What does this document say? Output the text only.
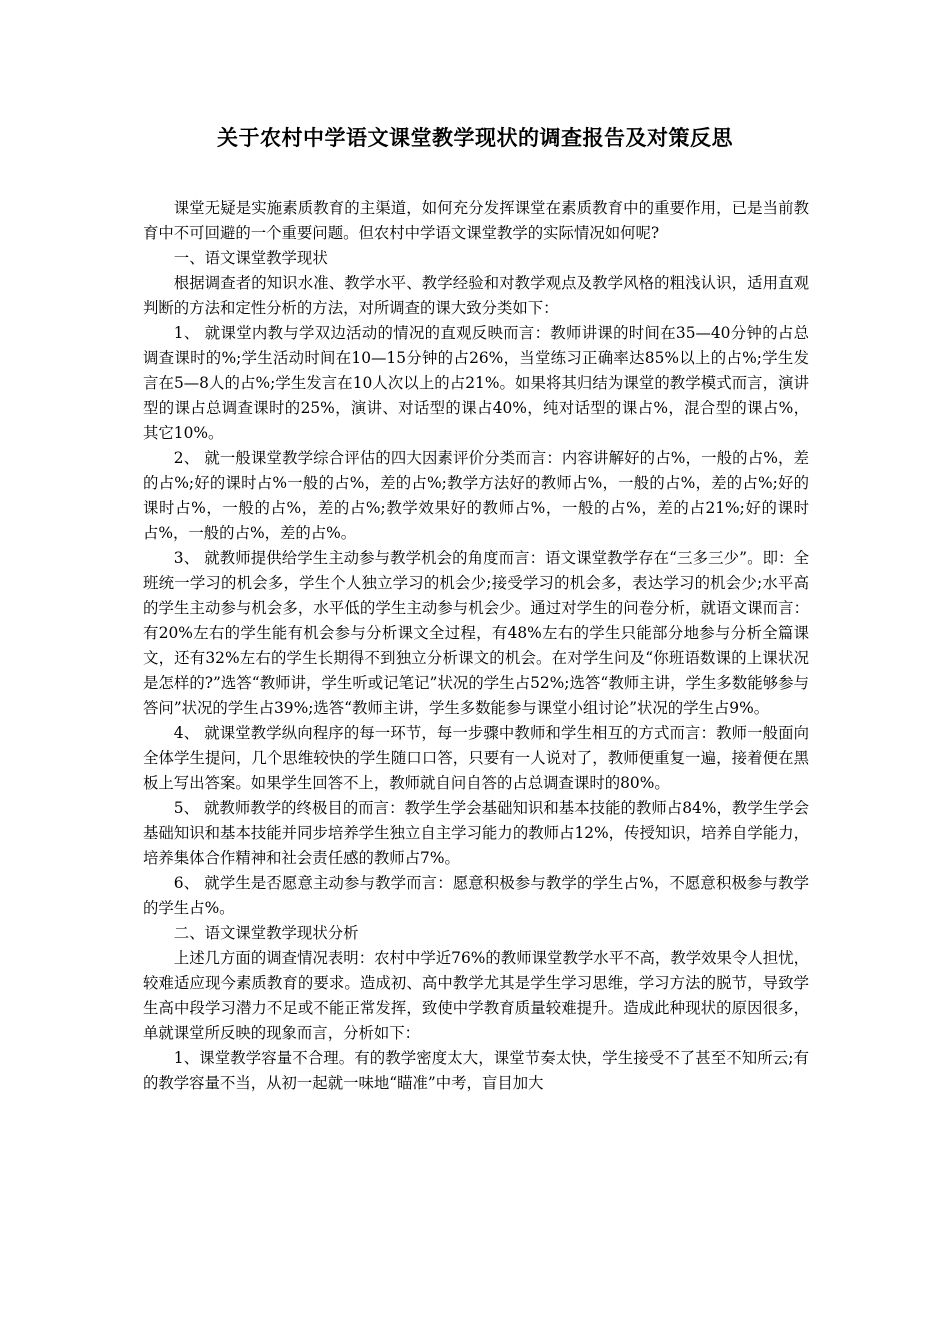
关于农村中学语文课堂教学现状的调查报告及对策反思

课堂无疑是实施素质教育的主渠道，如何充分发挥课堂在素质教育中的重要作用，已是当前教育中不可回避的一个重要问题。但农村中学语文课堂教学的实际情况如何呢?

一、语文课堂教学现状

根据调查者的知识水准、教学水平、教学经验和对教学观点及教学风格的粗浅认识，适用直观判断的方法和定性分析的方法，对所调查的课大致分类如下：

1、 就课堂内教与学双边活动的情况的直观反映而言：教师讲课的时间在35—40分钟的占总调查课时的%;学生活动时间在10—15分钟的占26%，当堂练习正确率达85%以上的占%;学生发言在5—8人的占%;学生发言在10人次以上的占21%。如果将其归结为课堂的教学模式而言，演讲型的课占总调查课时的25%，演讲、对话型的课占40%，纯对话型的课占%，混合型的课占%，其它10%。

2、 就一般课堂教学综合评估的四大因素评价分类而言：内容讲解好的占%，一般的占%，差的占%;好的课时占%一般的占%，差的占%;教学方法好的教师占%，一般的占%，差的占%;好的课时占%，一般的占%，差的占%;教学效果好的教师占%，一般的占%，差的占21%;好的课时占%，一般的占%，差的占%。

3、 就教师提供给学生主动参与教学机会的角度而言：语文课堂教学存在“三多三少”。即：全班统一学习的机会多，学生个人独立学习的机会少;接受学习的机会多，表达学习的机会少;水平高的学生主动参与机会多，水平低的学生主动参与机会少。通过对学生的问卷分析，就语文课而言：有20%左右的学生能有机会参与分析课文全过程，有48%左右的学生只能部分地参与分析全篇课文，还有32%左右的学生长期得不到独立分析课文的机会。在对学生问及“你班语数课的上课状况是怎样的?”选答“教师讲，学生听或记笔记”状况的学生占52%;选答“教师主讲，学生多数能够参与答问”状况的学生占39%;选答“教师主讲，学生多数能参与课堂小组讨论”状况的学生占9%。

4、 就课堂教学纵向程序的每一环节，每一步骤中教师和学生相互的方式而言：教师一般面向全体学生提问，几个思维较快的学生随口口答，只要有一人说对了，教师便重复一遍，接着便在黑板上写出答案。如果学生回答不上，教师就自问自答的占总调查课时的80%。

5、 就教师教学的终极目的而言：教学生学会基础知识和基本技能的教师占84%，教学生学会基础知识和基本技能并同步培养学生独立自主学习能力的教师占12%，传授知识，培养自学能力，培养集体合作精神和社会责任感的教师占7%。

6、 就学生是否愿意主动参与教学而言：愿意积极参与教学的学生占%，不愿意积极参与教学的学生占%。

二、语文课堂教学现状分析

上述几方面的调查情况表明：农村中学近76%的教师课堂教学水平不高，教学效果令人担忧，较难适应现今素质教育的要求。造成初、高中教学尤其是学生学习思维，学习方法的脱节，导致学生高中段学习潜力不足或不能正常发挥，致使中学教育质量较难提升。造成此种现状的原因很多，单就课堂所反映的现象而言，分析如下：

1、课堂教学容量不合理。有的教学密度太大，课堂节奏太快，学生接受不了甚至不知所云;有的教学容量不当，从初一起就一味地“瞄准”中考，盲目加大
